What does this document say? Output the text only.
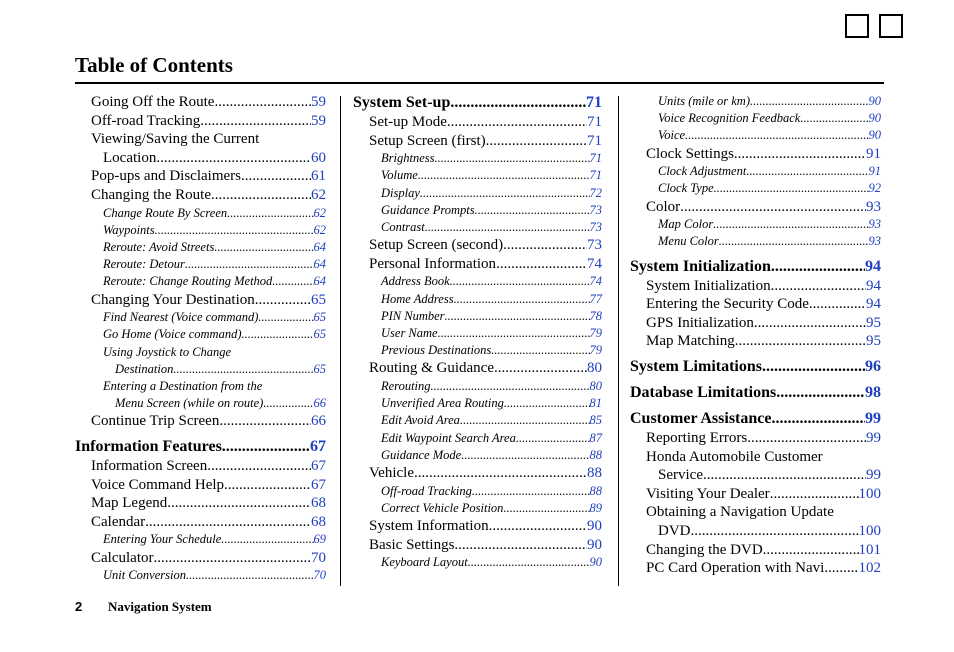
Table of Contents
Going Off the Route .....	59
Off-road Tracking .....	59
Viewing/Saving the Current
Location .....	60
Pop-ups and Disclaimers .....	61
Changing the Route .....	62
Change Route By Screen .....	62
Waypoints .....	62
Reroute: Avoid Streets .....	64
Reroute: Detour .....	64
Reroute: Change Routing Method .....	64
Changing Your Destination .....	65
Find Nearest (Voice command) .....	65
Go Home (Voice command) .....	65
Using Joystick to Change
Destination .....	65
Entering a Destination from the
Menu Screen (while on route) .....	66
Continue Trip Screen .....	66
Information Features .....	67
Information Screen .....	67
Voice Command Help .....	67
Map Legend .....	68
Calendar .....	68
Entering Your Schedule .....	69
Calculator .....	70
Unit Conversion .....	70
System Set-up .....	71
Set-up Mode .....	71
Setup Screen (first) .....	71
Brightness .....	71
Volume .....	71
Display .....	72
Guidance Prompts .....	73
Contrast .....	73
Setup Screen (second) .....	73
Personal Information .....	74
Address Book .....	74
Home Address .....	77
PIN Number .....	78
User Name .....	79
Previous Destinations .....	79
Routing & Guidance .....	80
Rerouting .....	80
Unverified Area Routing .....	81
Edit Avoid Area .....	85
Edit Waypoint Search Area .....	87
Guidance Mode .....	88
Vehicle .....	88
Off-road Tracking .....	88
Correct Vehicle Position .....	89
System Information .....	90
Basic Settings .....	90
Keyboard Layout .....	90
Units (mile or km) .....	90
Voice Recognition Feedback .....	90
Voice .....	90
Clock Settings .....	91
Clock Adjustment .....	91
Clock Type .....	92
Color .....	93
Map Color .....	93
Menu Color .....	93
System Initialization .....	94
System Initialization .....	94
Entering the Security Code .....	94
GPS Initialization .....	95
Map Matching .....	95
System Limitations .....	96
Database Limitations .....	98
Customer Assistance .....	99
Reporting Errors .....	99
Honda Automobile Customer
Service .....	99
Visiting Your Dealer .....	100
Obtaining a Navigation Update
DVD .....	100
Changing the DVD .....	101
PC Card Operation with Navi ..... 102
2 Navigation System
